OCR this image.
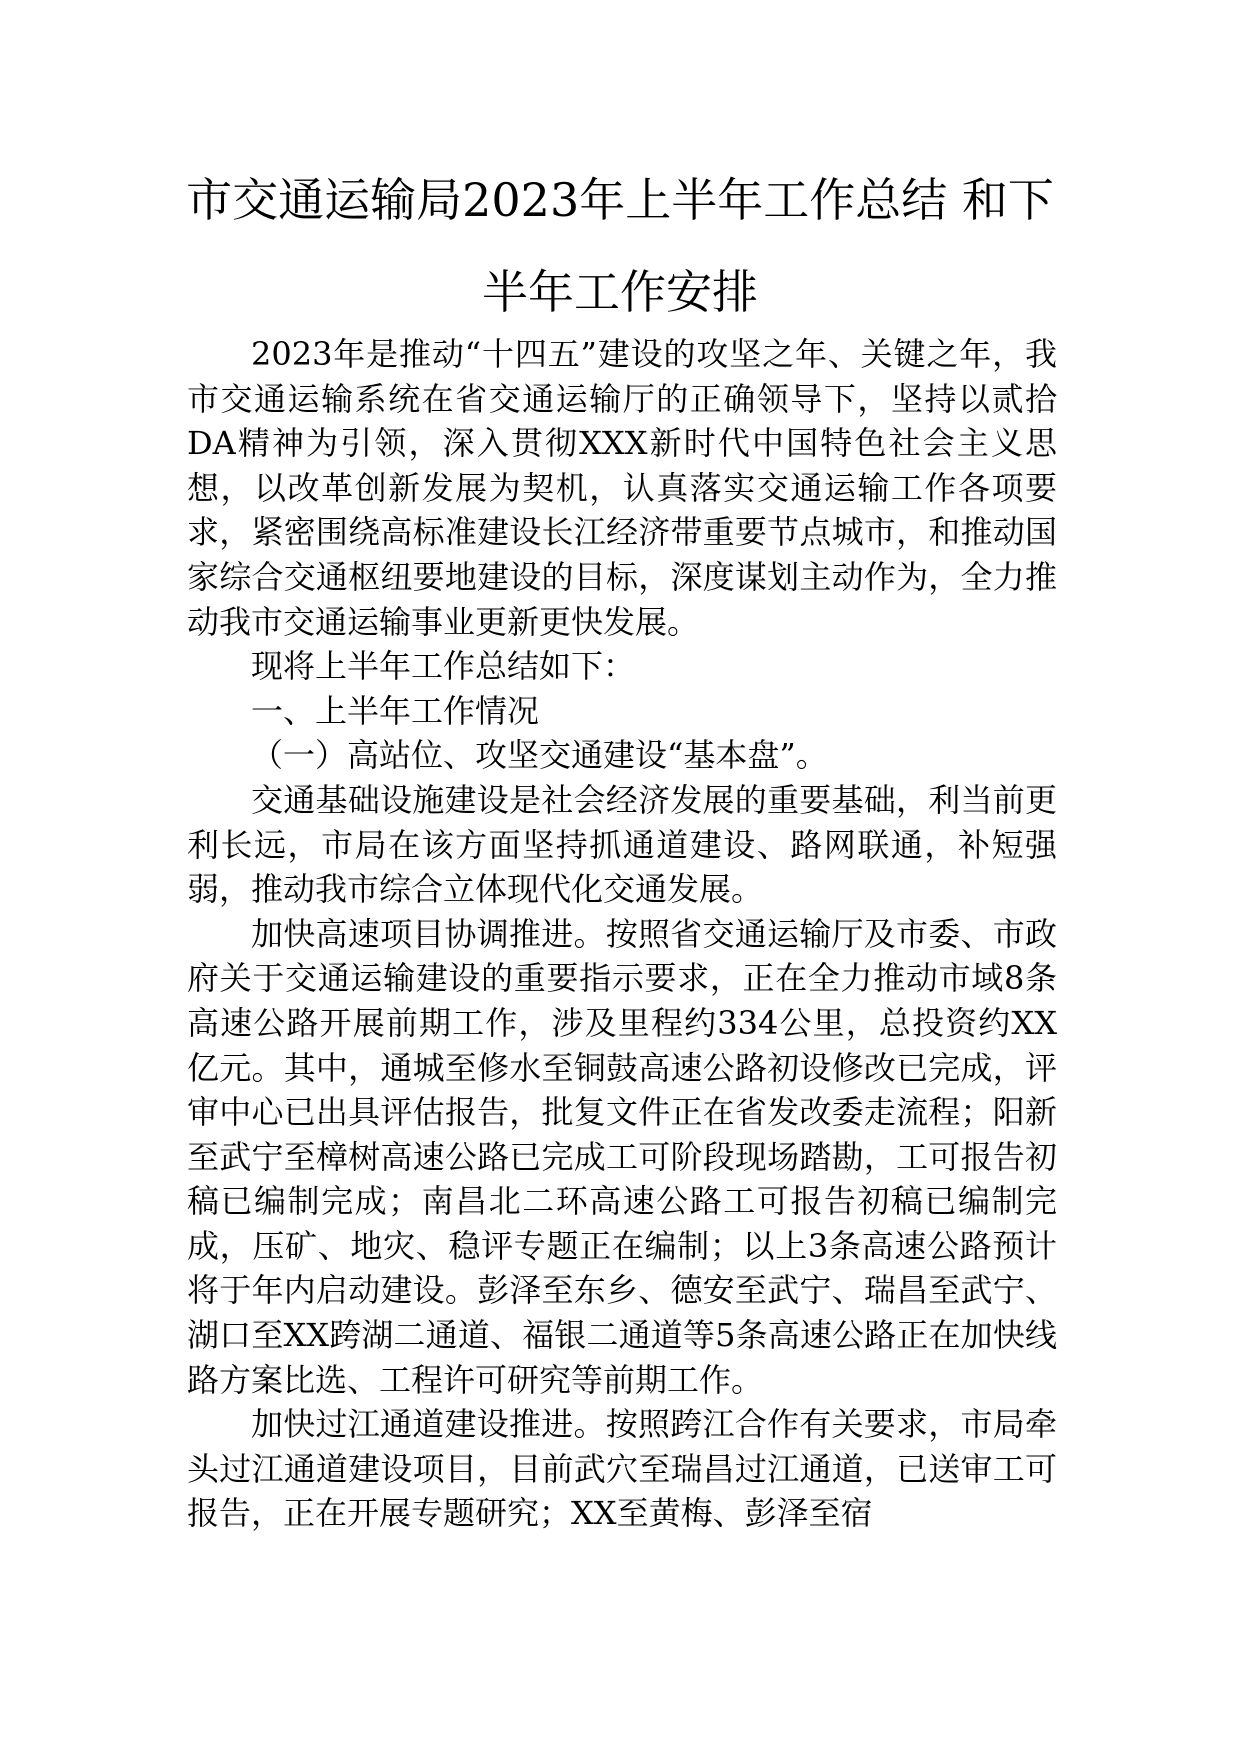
市交通运输局2023年上半年工作总结 和下
半年工作安排

2023年是推动“十四五”建设的攻坚之年、关键之年，我市交通运输系统在省交通运输厅的正确领导下，坚持以贰拾DA精神为引领，深入贯彻XXX新时代中国特色社会主义思想，以改革创新发展为契机，认真落实交通运输工作各项要求，紧密围绕高标准建设长江经济带重要节点城市，和推动国家综合交通枢纽要地建设的目标，深度谋划主动作为，全力推动我市交通运输事业更新更快发展。

现将上半年工作总结如下：

一、上半年工作情况

（一）高站位、攻坚交通建设“基本盘”。

交通基础设施建设是社会经济发展的重要基础，利当前更利长远，市局在该方面坚持抓通道建设、路网联通，补短强弱，推动我市综合立体现代化交通发展。

加快高速项目协调推进。按照省交通运输厅及市委、市政府关于交通运输建设的重要指示要求，正在全力推动市域8条高速公路开展前期工作，涉及里程约334公里，总投资约XX亿元。其中，通城至修水至铜鼓高速公路初设修改已完成，评审中心已出具评估报告，批复文件正在省发改委走流程；阳新至武宁至樟树高速公路已完成工可阶段现场踏勘，工可报告初稿已编制完成；南昌北二环高速公路工可报告初稿已编制完成，压矿、地灾、稳评专题正在编制；以上3条高速公路预计将于年内启动建设。彭泽至东乡、德安至武宁、瑞昌至武宁、湖口至XX跨湖二通道、福银二通道等5条高速公路正在加快线路方案比选、工程许可研究等前期工作。

加快过江通道建设推进。按照跨江合作有关要求，市局牵头过江通道建设项目，目前武穴至瑞昌过江通道，已送审工可报告，正在开展专题研究；XX至黄梅、彭泽至宿
